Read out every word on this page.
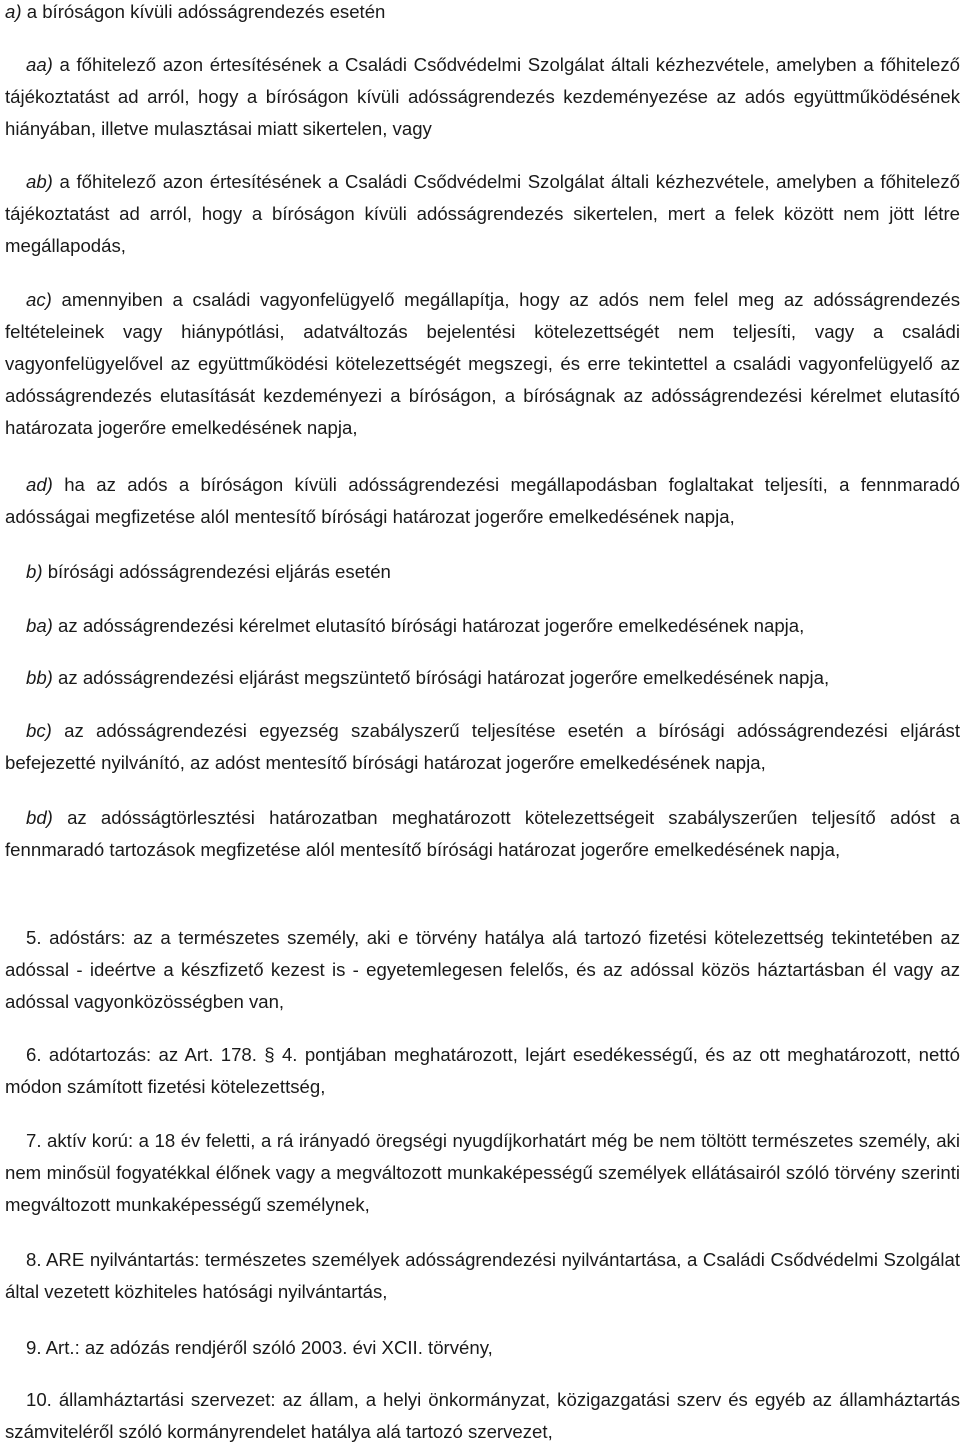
a) a bíróságon kívüli adósságrendezés esetén

aa) a főhitelező azon értesítésének a Családi Csődvédelmi Szolgálat általi kézhezvétele, amelyben a főhitelező tájékoztatást ad arról, hogy a bíróságon kívüli adósságrendezés kezdeményezése az adós együttműködésének hiányában, illetve mulasztásai miatt sikertelen, vagy

ab) a főhitelező azon értesítésének a Családi Csődvédelmi Szolgálat általi kézhezvétele, amelyben a főhitelező tájékoztatást ad arról, hogy a bíróságon kívüli adósságrendezés sikertelen, mert a felek között nem jött létre megállapodás,

ac) amennyiben a családi vagyonfelügyelő megállapítja, hogy az adós nem felel meg az adósságrendezés feltételeinek vagy hiánypótlási, adatváltozás bejelentési kötelezettségét nem teljesíti, vagy a családi vagyonfelügyelővel az együttműködési kötelezettségét megszegi, és erre tekintettel a családi vagyonfelügyelő az adósságrendezés elutasítását kezdeményezi a bíróságon, a bíróságnak az adósságrendezési kérelmet elutasító határozata jogerőre emelkedésének napja,

ad) ha az adós a bíróságon kívüli adósságrendezési megállapodásban foglaltakat teljesíti, a fennmaradó adósságai megfizetése alól mentesítő bírósági határozat jogerőre emelkedésének napja,

b) bírósági adósságrendezési eljárás esetén

ba) az adósságrendezési kérelmet elutasító bírósági határozat jogerőre emelkedésének napja,

bb) az adósságrendezési eljárást megszüntető bírósági határozat jogerőre emelkedésének napja,

bc) az adósságrendezési egyezség szabályszerű teljesítése esetén a bírósági adósságrendezési eljárást befejezetté nyilvánító, az adóst mentesítő bírósági határozat jogerőre emelkedésének napja,

bd) az adósságtörlesztési határozatban meghatározott kötelezettségeit szabályszerűen teljesítő adóst a fennmaradó tartozások megfizetése alól mentesítő bírósági határozat jogerőre emelkedésének napja,

5. adóstárs: az a természetes személy, aki e törvény hatálya alá tartozó fizetési kötelezettség tekintetében az adóssal - ideértve a készfizető kezest is - egyetemlegesen felelős, és az adóssal közös háztartásban él vagy az adóssal vagyonközösségben van,

6. adótartozás: az Art. 178. § 4. pontjában meghatározott, lejárt esedékességű, és az ott meghatározott, nettó módon számított fizetési kötelezettség,

7. aktív korú: a 18 év feletti, a rá irányadó öregségi nyugdíjkorhatárt még be nem töltött természetes személy, aki nem minősül fogyatékkal élőnek vagy a megváltozott munkaképességű személyek ellátásairól szóló törvény szerinti megváltozott munkaképességű személynek,

8. ARE nyilvántartás: természetes személyek adósságrendezési nyilvántartása, a Családi Csődvédelmi Szolgálat által vezetett közhiteles hatósági nyilvántartás,

9. Art.: az adózás rendjéről szóló 2003. évi XCII. törvény,

10. államháztartási szervezet: az állam, a helyi önkormányzat, közigazgatási szerv és egyéb az államháztartás számviteléről szóló kormányrendelet hatálya alá tartozó szervezet,
